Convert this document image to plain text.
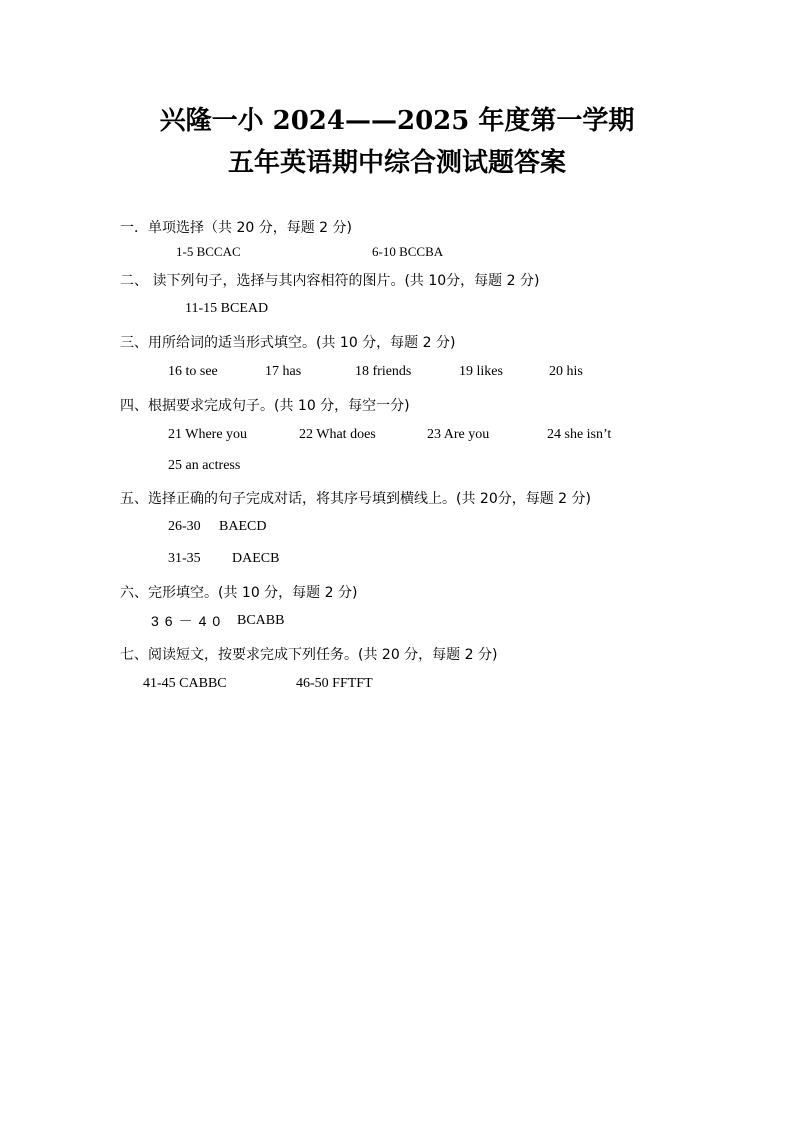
兴隆一小 2024——2025 年度第一学期
五年英语期中综合测试题答案
一．单项选择（共 20 分，每题 2 分)
1-5 BCCAC	6-10 BCCBA
二、 读下列句子，选择与其内容相符的图片。(共 10分，每题 2 分)
11-15 BCEAD
三、用所给词的适当形式填空。(共 10 分，每题 2 分)
16 to see	17 has	18 friends	19 likes	20 his
四、根据要求完成句子。(共 10 分，每空一分)
21 Where you	22 What does	23 Are you	24 she isn’t
25 an actress
五、选择正确的句子完成对话，将其序号填到横线上。(共 20分，每题 2 分)
26-30 BAECD
31-35 DAECB
六、完形填空。(共 10 分，每题 2 分)
36－40 BCABB
七、阅读短文，按要求完成下列任务。(共 20 分，每题 2 分)
41-45 CABBC	46-50 FFTFT
